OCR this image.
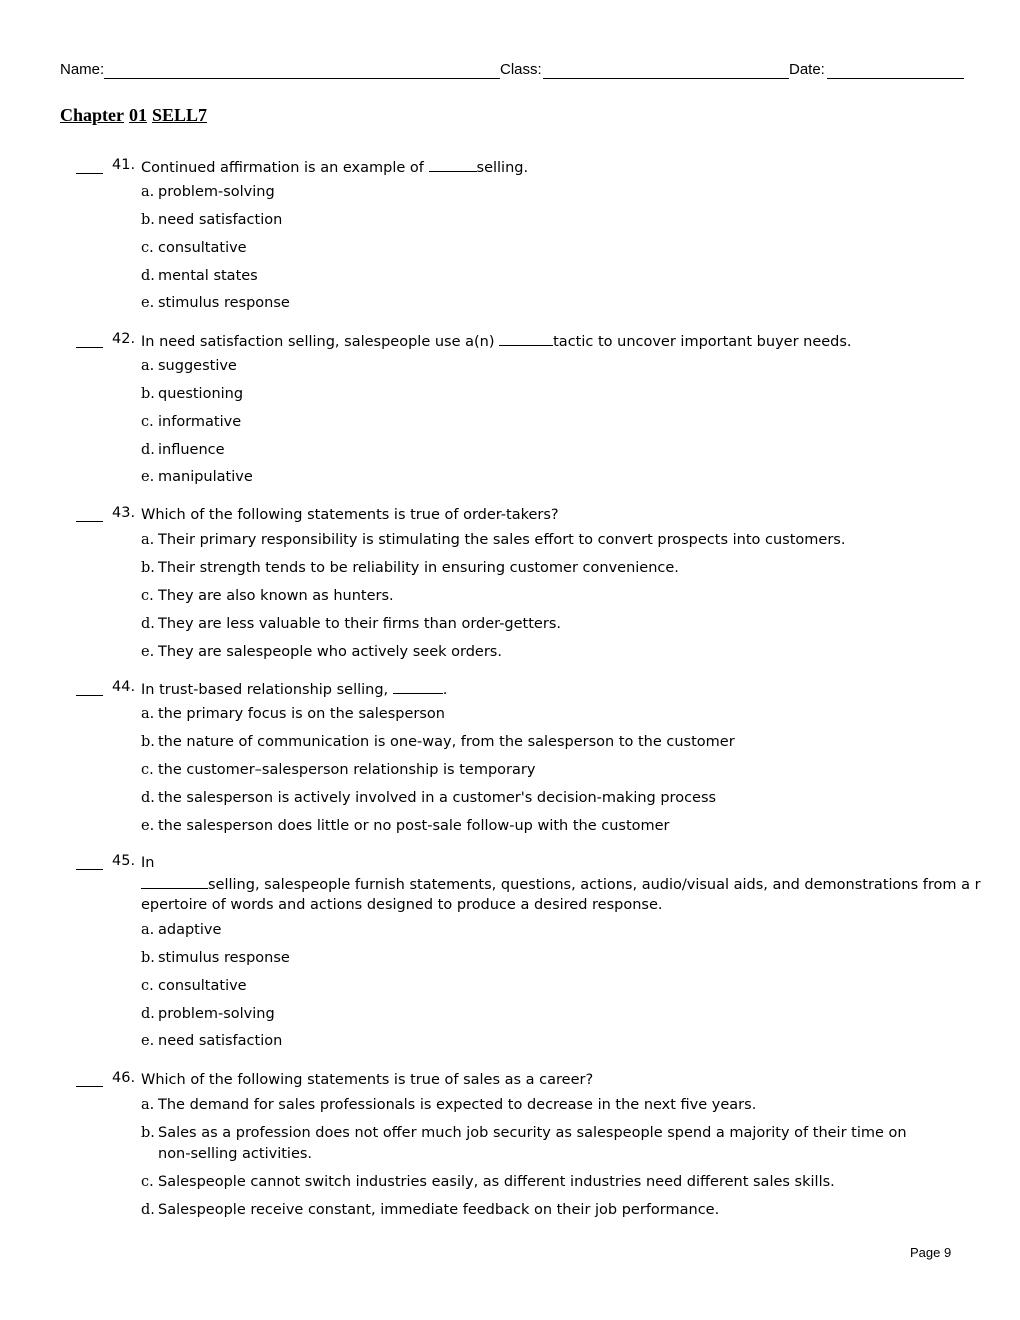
Name:	Class:	Date:
Chapter 01 SELL7
41. Continued affirmation is an example of	selling.
a. problem-solving
b. need satisfaction
c. consultative
d. mental states
e. stimulus response
42. In need satisfaction selling, salespeople use a(n)	tactic to uncover important buyer needs.
a. suggestive
b. questioning
c. informative
d. influence
e. manipulative
43. Which of the following statements is true of order-takers?
a. Their primary responsibility is stimulating the sales effort to convert prospects into customers.
b. Their strength tends to be reliability in ensuring customer convenience.
c. They are also known as hunters.
d. They are less valuable to their firms than order-getters.
e. They are salespeople who actively seek orders.
44. In trust-based relationship selling,	.
a. the primary focus is on the salesperson
b. the nature of communication is one-way, from the salesperson to the customer
c. the customer–salesperson relationship is temporary
d. the salesperson is actively involved in a customer's decision-making process
e. the salesperson does little or no post-sale follow-up with the customer
45. In
selling, salespeople furnish statements, questions, actions, audio/visual aids, and demonstrations from a r
epertoire of words and actions designed to produce a desired response.
a. adaptive
b. stimulus response
c. consultative
d. problem-solving
e. need satisfaction
46. Which of the following statements is true of sales as a career?
a. The demand for sales professionals is expected to decrease in the next five years.
b. Sales as a profession does not offer much job security as salespeople spend a majority of their time on
non-selling activities.
c. Salespeople cannot switch industries easily, as different industries need different sales skills.
d. Salespeople receive constant, immediate feedback on their job performance.
Page 9
